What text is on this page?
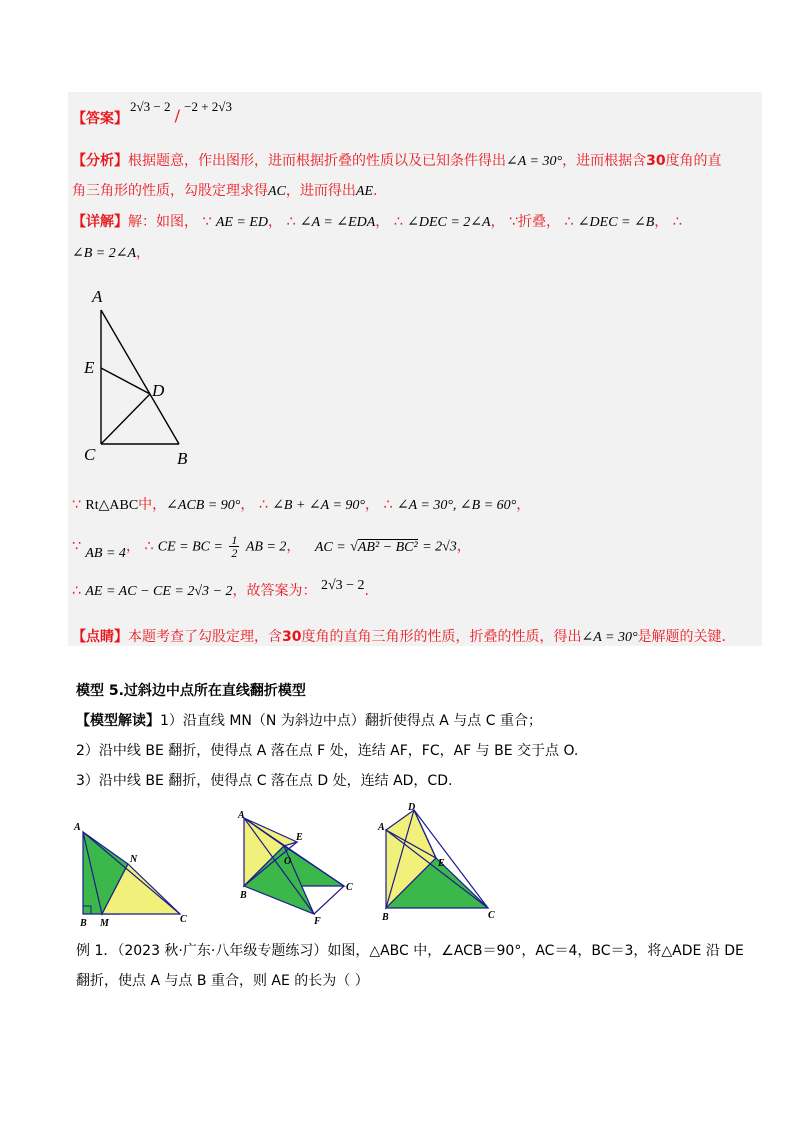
【答案】
2√3 − 2 / −2 + 2√3
【分析】根据题意，作出图形，进而根据折叠的性质以及已知条件得出∠A = 30°，进而根据含30度角的直
角三角形的性质，勾股定理求得AC，进而得出AE.
【详解】解：如图， ∵ AE = ED， ∴ ∠A = ∠EDA， ∴ ∠DEC = 2∠A， ∵折叠， ∴ ∠DEC = ∠B， ∴
∠B = 2∠A，
A
E
D
C	B
∵ Rt△ABC中，∠ACB = 90°， ∴ ∠B + ∠A = 90°， ∴ ∠A = 30°, ∠B = 60°，
∵ AB = 4， ∴ CE = BC = $\frac{1}{2}$ AB = 2， AC = √AB² − BC² = 2√3，
∴ AE = AC − CE = 2√3 − 2，故答案为： 2√3 − 2.
【点睛】本题考查了勾股定理，含30度角的直角三角形的性质，折叠的性质，得出∠A = 30°是解题的关键.
模型 5.过斜边中点所在直线翻折模型
【模型解读】1）沿直线 MN（N 为斜边中点）翻折使得点 A 与点 C 重合；
2）沿中线 BE 翻折，使得点 A 落在点 F 处，连结 AF，FC，AF 与 BE 交于点 O.
3）沿中线 BE 翻折，使得点 C 落在点 D 处，连结 AD，CD.
A
N
B M	C
A
E
O
B
C
F
D
A
E
B	C
例 1．（2023 秋·广东·八年级专题练习）如图，△ABC 中，∠ACB＝90°，AC＝4，BC＝3，将△ADE 沿 DE
翻折，使点 A 与点 B 重合，则 AE 的长为（ ）
